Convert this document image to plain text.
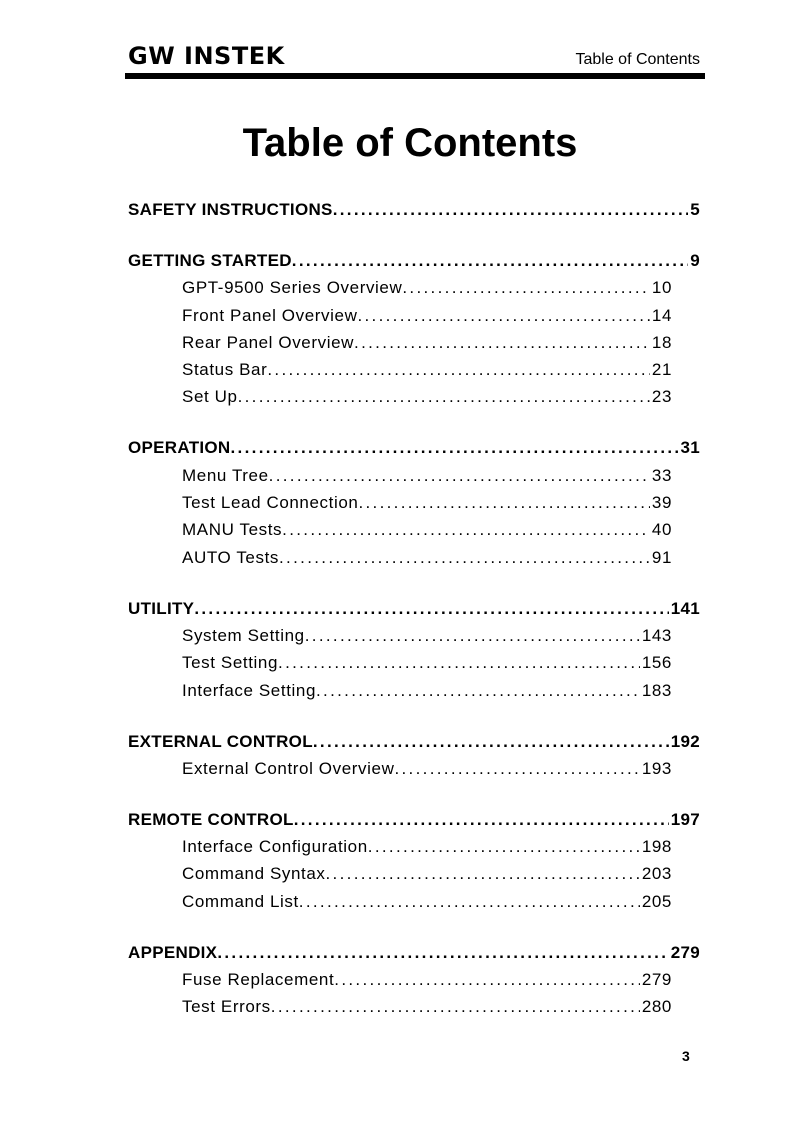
GW INSTEK	Table of Contents
Table of Contents
SAFETY INSTRUCTIONS . . .	5
GETTING STARTED . . .	9
GPT-9500 Series Overview . . .	10
Front Panel Overview . . .	14
Rear Panel Overview . . .	18
Status Bar . . .	21
Set Up . . .	23
OPERATION . . .	31
Menu Tree . . .	33
Test Lead Connection . . .	39
MANU Tests . . .	40
AUTO Tests . . .	91
UTILITY . . .	141
System Setting . . .	143
Test Setting . . .	156
Interface Setting . . .	183
EXTERNAL CONTROL . . .	192
External Control Overview . . .	193
REMOTE CONTROL . . .	197
Interface Configuration . . .	198
Command Syntax . . .	203
Command List . . .	205
APPENDIX . . .	279
Fuse Replacement . . .	279
Test Errors . . .	280
3
